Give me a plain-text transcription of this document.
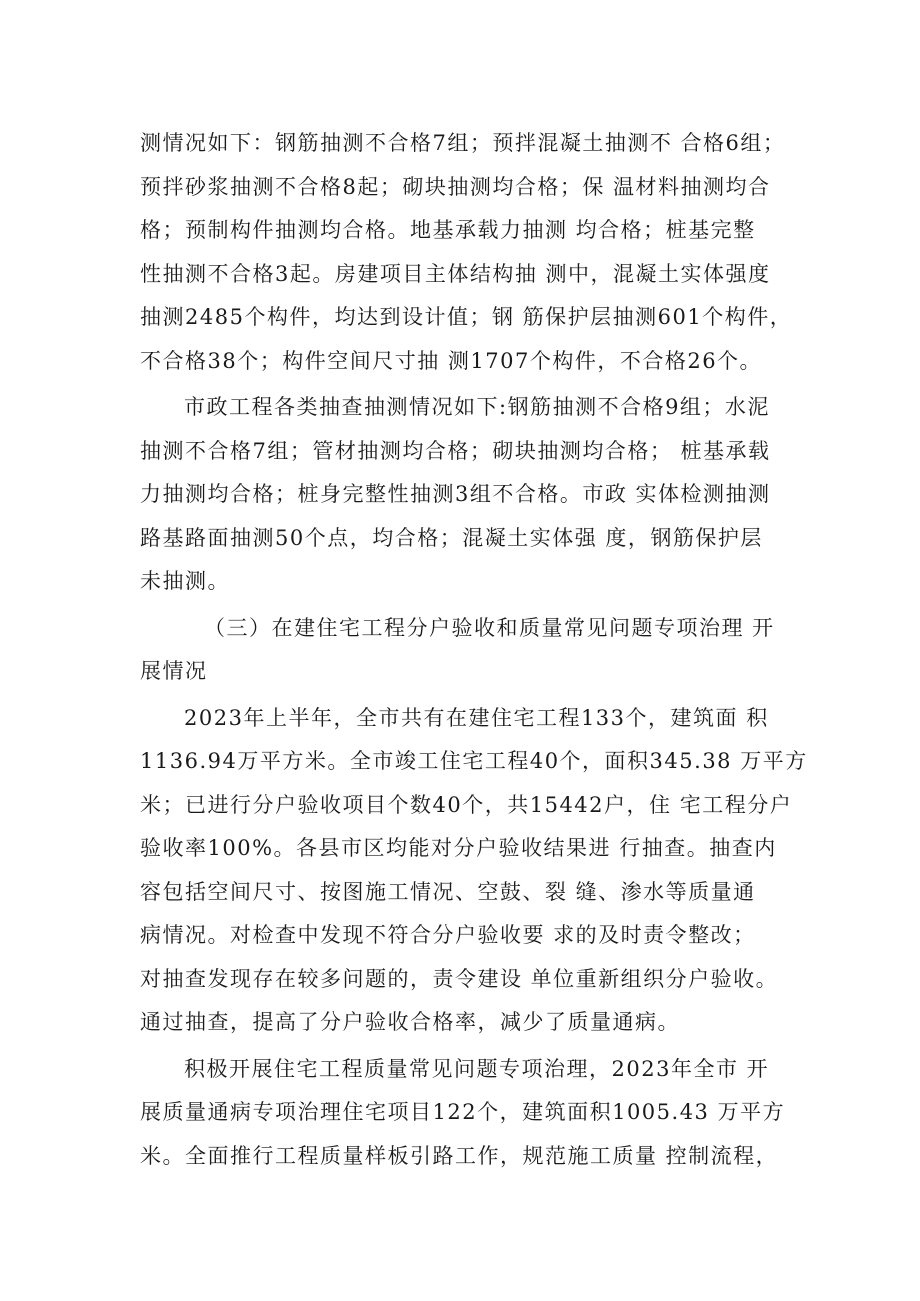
测情况如下：钢筋抽测不合格7组；预拌混凝土抽测不 合格6组；
预拌砂浆抽测不合格8起；砌块抽测均合格；保 温材料抽测均合
格；预制构件抽测均合格。地基承载力抽测 均合格；桩基完整
性抽测不合格3起。房建项目主体结构抽 测中，混凝土实体强度
抽测2485个构件，均达到设计值；钢 筋保护层抽测601个构件，
不合格38个；构件空间尺寸抽 测1707个构件，不合格26个。
市政工程各类抽查抽测情况如下:钢筋抽测不合格9组；水泥
抽测不合格7组；管材抽测均合格；砌块抽测均合格； 桩基承载
力抽测均合格；桩身完整性抽测3组不合格。市政 实体检测抽测
路基路面抽测50个点，均合格；混凝土实体强 度，钢筋保护层
未抽测。
（三）在建住宅工程分户验收和质量常见问题专项治理 开
展情况
2023年上半年，全市共有在建住宅工程133个，建筑面 积
1136.94万平方米。全市竣工住宅工程40个，面积345.38 万平方
米；已进行分户验收项目个数40个，共15442户，住 宅工程分户
验收率100%。各县市区均能对分户验收结果进 行抽查。抽查内
容包括空间尺寸、按图施工情况、空鼓、裂 缝、渗水等质量通
病情况。对检查中发现不符合分户验收要 求的及时责令整改；
对抽查发现存在较多问题的，责令建设 单位重新组织分户验收。
通过抽查，提高了分户验收合格率，减少了质量通病。
积极开展住宅工程质量常见问题专项治理，2023年全市 开
展质量通病专项治理住宅项目122个，建筑面积1005.43 万平方
米。全面推行工程质量样板引路工作，规范施工质量 控制流程，
